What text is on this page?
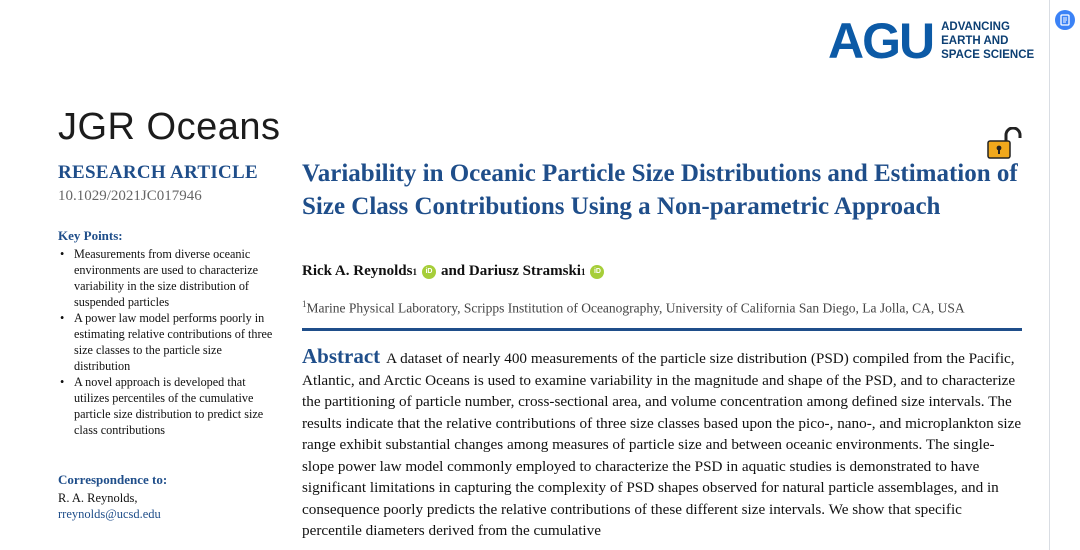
AGU ADVANCING
EARTH AND
SPACE SCIENCE
JGR Oceans
RESEARCH ARTICLE
10.1029/2021JC017946
Key Points:
• Measurements from diverse oceanic environments are used to characterize variability in the size distribution of suspended particles
• A power law model performs poorly in estimating relative contributions of three size classes to the particle size distribution
• A novel approach is developed that utilizes percentiles of the cumulative particle size distribution to predict size class contributions
Correspondence to:
R. A. Reynolds,
rreynolds@ucsd.edu
Variability in Oceanic Particle Size Distributions and Estimation of Size Class Contributions Using a Non-parametric Approach
Rick A. Reynolds 1	iD and
Dariusz Stramski 1	iD
$^1$Marine Physical Laboratory, Scripps Institution of Oceanography, University of California San Diego, La Jolla, CA, USA
Abstract A dataset of nearly 400 measurements of the particle size distribution (PSD) compiled from the Pacific, Atlantic, and Arctic Oceans is used to examine variability in the magnitude and shape of the PSD, and to characterize the partitioning of particle number, cross-sectional area, and volume concentration among defined size intervals. The results indicate that the relative contributions of three size classes based upon the pico-, nano-, and microplankton size range exhibit substantial changes among measures of particle size and between oceanic environments. The single-slope power law model commonly employed to characterize the PSD in aquatic studies is demonstrated to have significant limitations in capturing the complexity of PSD shapes observed for natural particle assemblages, and in consequence poorly predicts the relative contributions of these different size intervals. We show that specific percentile diameters derived from the cumulative
